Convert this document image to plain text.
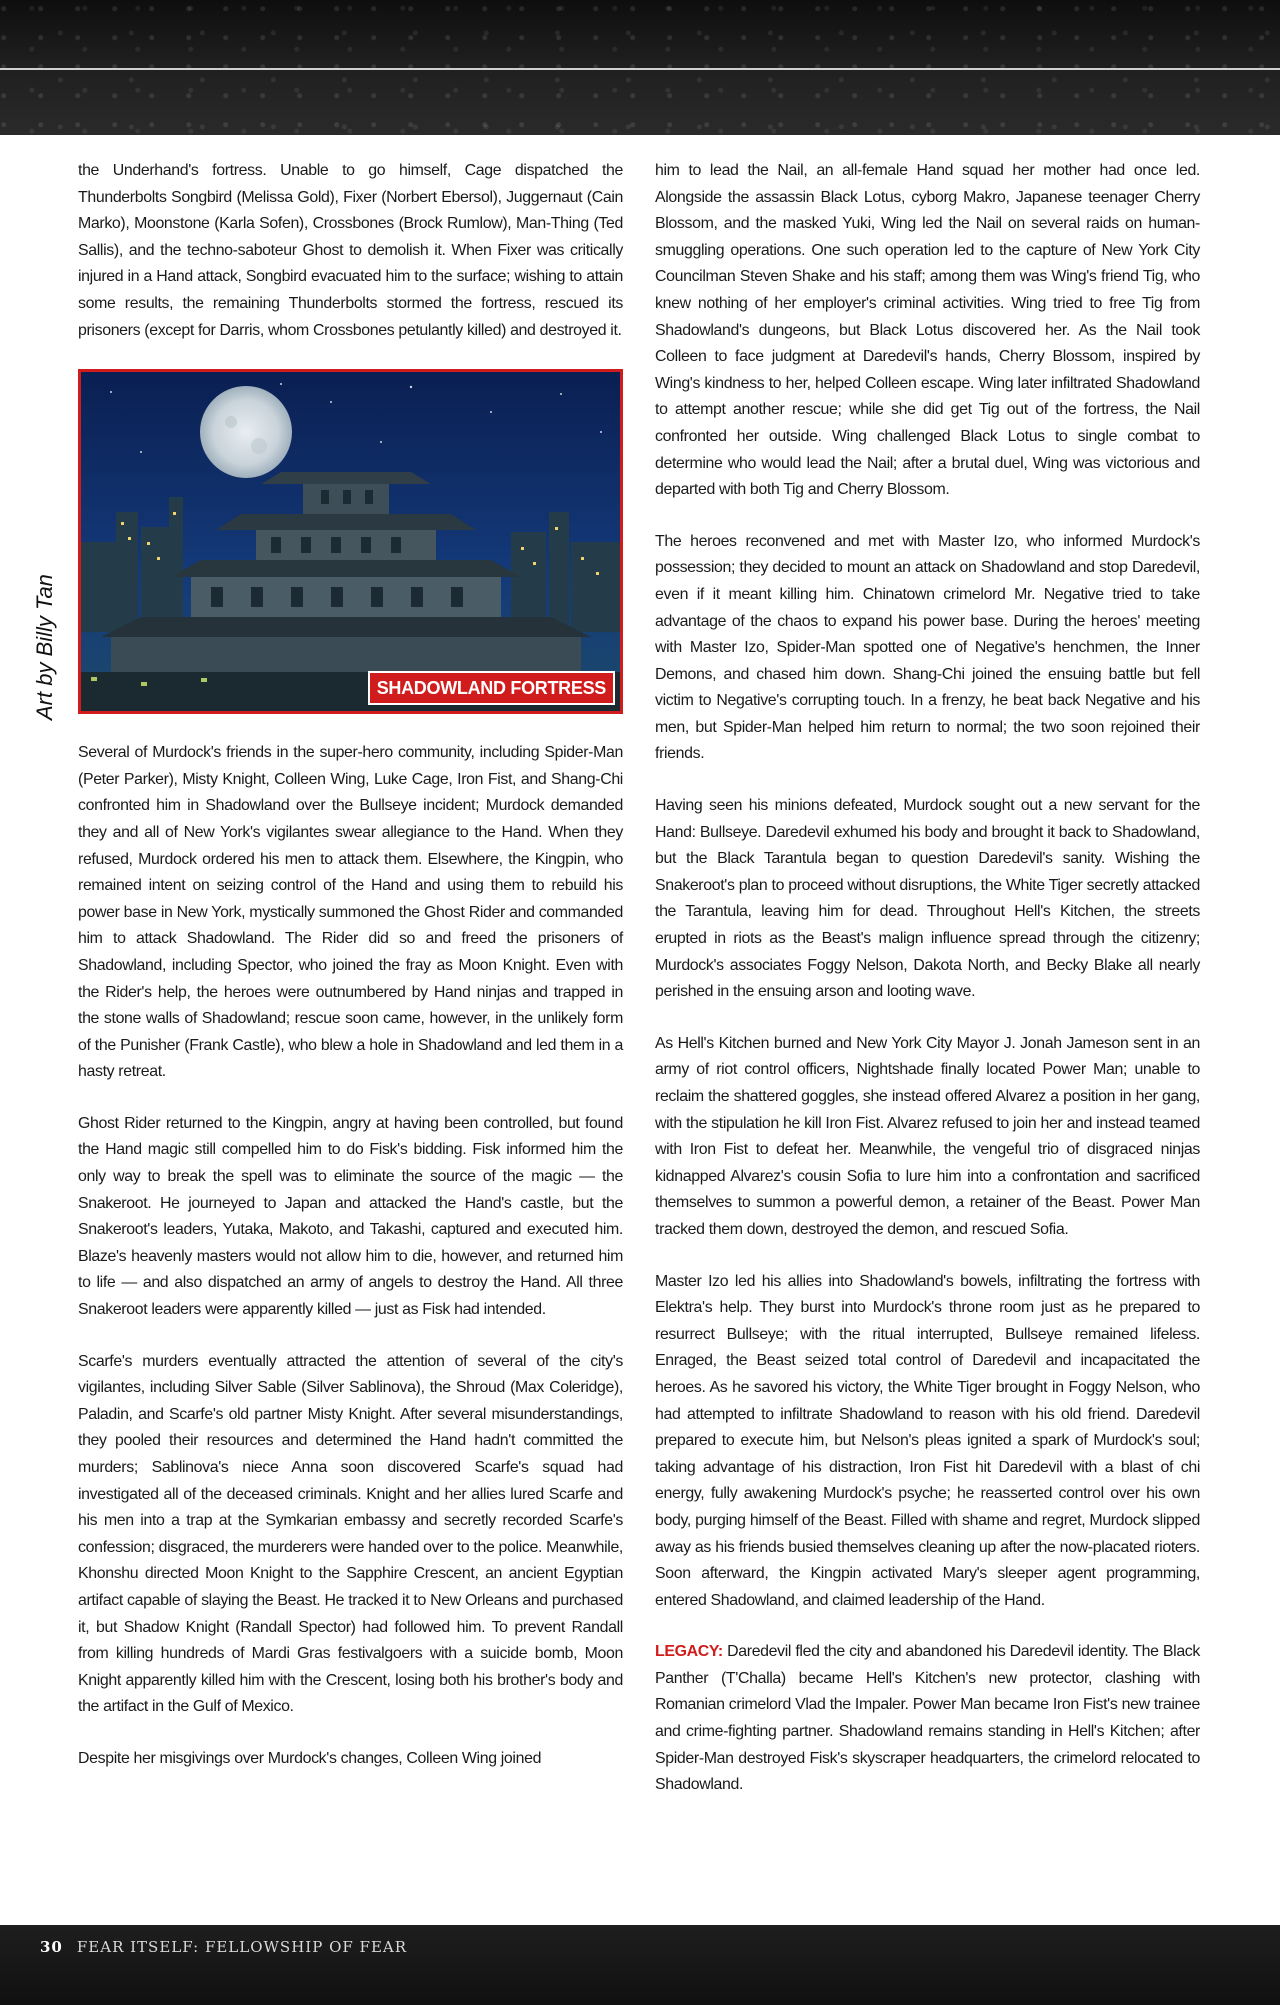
Art by Billy Tan

the Underhand's fortress. Unable to go himself, Cage dispatched the Thunderbolts Songbird (Melissa Gold), Fixer (Norbert Ebersol), Juggernaut (Cain Marko), Moonstone (Karla Sofen), Crossbones (Brock Rumlow), Man-Thing (Ted Sallis), and the techno-saboteur Ghost to demolish it. When Fixer was critically injured in a Hand attack, Songbird evacuated him to the surface; wishing to attain some results, the remaining Thunderbolts stormed the fortress, rescued its prisoners (except for Darris, whom Crossbones petulantly killed) and destroyed it.

SHADOWLAND FORTRESS

Several of Murdock's friends in the super-hero community, including Spider-Man (Peter Parker), Misty Knight, Colleen Wing, Luke Cage, Iron Fist, and Shang-Chi confronted him in Shadowland over the Bullseye incident; Murdock demanded they and all of New York's vigilantes swear allegiance to the Hand. When they refused, Murdock ordered his men to attack them. Elsewhere, the Kingpin, who remained intent on seizing control of the Hand and using them to rebuild his power base in New York, mystically summoned the Ghost Rider and commanded him to attack Shadowland. The Rider did so and freed the prisoners of Shadowland, including Spector, who joined the fray as Moon Knight. Even with the Rider's help, the heroes were outnumbered by Hand ninjas and trapped in the stone walls of Shadowland; rescue soon came, however, in the unlikely form of the Punisher (Frank Castle), who blew a hole in Shadowland and led them in a hasty retreat.

Ghost Rider returned to the Kingpin, angry at having been controlled, but found the Hand magic still compelled him to do Fisk's bidding. Fisk informed him the only way to break the spell was to eliminate the source of the magic — the Snakeroot. He journeyed to Japan and attacked the Hand's castle, but the Snakeroot's leaders, Yutaka, Makoto, and Takashi, captured and executed him. Blaze's heavenly masters would not allow him to die, however, and returned him to life — and also dispatched an army of angels to destroy the Hand. All three Snakeroot leaders were apparently killed — just as Fisk had intended.

Scarfe's murders eventually attracted the attention of several of the city's vigilantes, including Silver Sable (Silver Sablinova), the Shroud (Max Coleridge), Paladin, and Scarfe's old partner Misty Knight. After several misunderstandings, they pooled their resources and determined the Hand hadn't committed the murders; Sablinova's niece Anna soon discovered Scarfe's squad had investigated all of the deceased criminals. Knight and her allies lured Scarfe and his men into a trap at the Symkarian embassy and secretly recorded Scarfe's confession; disgraced, the murderers were handed over to the police. Meanwhile, Khonshu directed Moon Knight to the Sapphire Crescent, an ancient Egyptian artifact capable of slaying the Beast. He tracked it to New Orleans and purchased it, but Shadow Knight (Randall Spector) had followed him. To prevent Randall from killing hundreds of Mardi Gras festivalgoers with a suicide bomb, Moon Knight apparently killed him with the Crescent, losing both his brother's body and the artifact in the Gulf of Mexico.

Despite her misgivings over Murdock's changes, Colleen Wing joined

him to lead the Nail, an all-female Hand squad her mother had once led. Alongside the assassin Black Lotus, cyborg Makro, Japanese teenager Cherry Blossom, and the masked Yuki, Wing led the Nail on several raids on human-smuggling operations. One such operation led to the capture of New York City Councilman Steven Shake and his staff; among them was Wing's friend Tig, who knew nothing of her employer's criminal activities. Wing tried to free Tig from Shadowland's dungeons, but Black Lotus discovered her. As the Nail took Colleen to face judgment at Daredevil's hands, Cherry Blossom, inspired by Wing's kindness to her, helped Colleen escape. Wing later infiltrated Shadowland to attempt another rescue; while she did get Tig out of the fortress, the Nail confronted her outside. Wing challenged Black Lotus to single combat to determine who would lead the Nail; after a brutal duel, Wing was victorious and departed with both Tig and Cherry Blossom.

The heroes reconvened and met with Master Izo, who informed Murdock's possession; they decided to mount an attack on Shadowland and stop Daredevil, even if it meant killing him. Chinatown crimelord Mr. Negative tried to take advantage of the chaos to expand his power base. During the heroes' meeting with Master Izo, Spider-Man spotted one of Negative's henchmen, the Inner Demons, and chased him down. Shang-Chi joined the ensuing battle but fell victim to Negative's corrupting touch. In a frenzy, he beat back Negative and his men, but Spider-Man helped him return to normal; the two soon rejoined their friends.

Having seen his minions defeated, Murdock sought out a new servant for the Hand: Bullseye. Daredevil exhumed his body and brought it back to Shadowland, but the Black Tarantula began to question Daredevil's sanity. Wishing the Snakeroot's plan to proceed without disruptions, the White Tiger secretly attacked the Tarantula, leaving him for dead. Throughout Hell's Kitchen, the streets erupted in riots as the Beast's malign influence spread through the citizenry; Murdock's associates Foggy Nelson, Dakota North, and Becky Blake all nearly perished in the ensuing arson and looting wave.

As Hell's Kitchen burned and New York City Mayor J. Jonah Jameson sent in an army of riot control officers, Nightshade finally located Power Man; unable to reclaim the shattered goggles, she instead offered Alvarez a position in her gang, with the stipulation he kill Iron Fist. Alvarez refused to join her and instead teamed with Iron Fist to defeat her. Meanwhile, the vengeful trio of disgraced ninjas kidnapped Alvarez's cousin Sofia to lure him into a confrontation and sacrificed themselves to summon a powerful demon, a retainer of the Beast. Power Man tracked them down, destroyed the demon, and rescued Sofia.

Master Izo led his allies into Shadowland's bowels, infiltrating the fortress with Elektra's help. They burst into Murdock's throne room just as he prepared to resurrect Bullseye; with the ritual interrupted, Bullseye remained lifeless. Enraged, the Beast seized total control of Daredevil and incapacitated the heroes. As he savored his victory, the White Tiger brought in Foggy Nelson, who had attempted to infiltrate Shadowland to reason with his old friend. Daredevil prepared to execute him, but Nelson's pleas ignited a spark of Murdock's soul; taking advantage of his distraction, Iron Fist hit Daredevil with a blast of chi energy, fully awakening Murdock's psyche; he reasserted control over his own body, purging himself of the Beast. Filled with shame and regret, Murdock slipped away as his friends busied themselves cleaning up after the now-placated rioters. Soon afterward, the Kingpin activated Mary's sleeper agent programming, entered Shadowland, and claimed leadership of the Hand.

LEGACY: Daredevil fled the city and abandoned his Daredevil identity. The Black Panther (T'Challa) became Hell's Kitchen's new protector, clashing with Romanian crimelord Vlad the Impaler. Power Man became Iron Fist's new trainee and crime-fighting partner. Shadowland remains standing in Hell's Kitchen; after Spider-Man destroyed Fisk's skyscraper headquarters, the crimelord relocated to Shadowland.

30 FEAR ITSELF: FELLOWSHIP OF FEAR
